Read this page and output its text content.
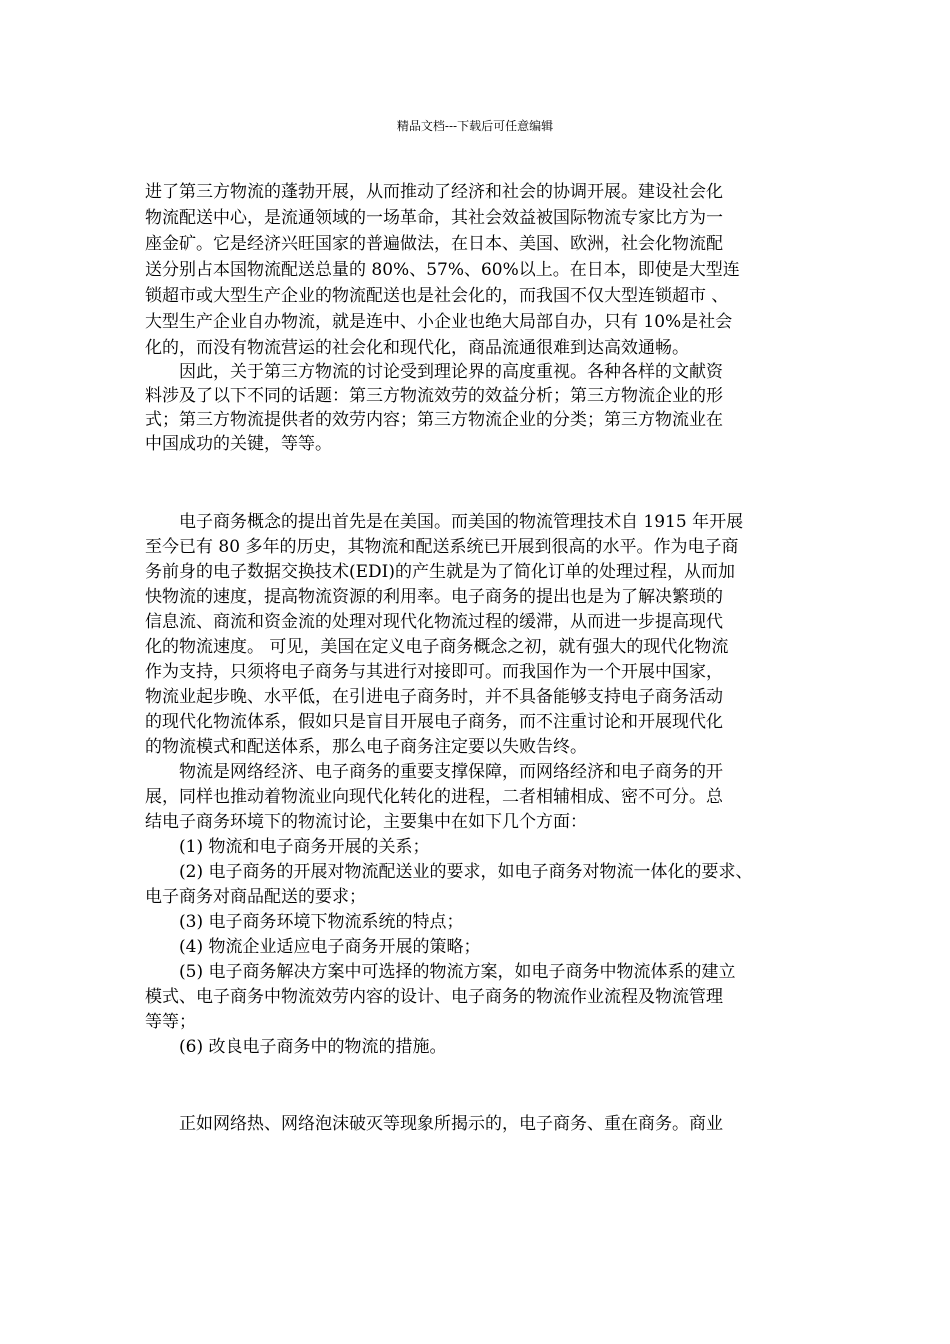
精品文档---下载后可任意编辑
进了第三方物流的蓬勃开展，从而推动了经济和社会的协调开展。建设社会化
物流配送中心，是流通领域的一场革命，其社会效益被国际物流专家比方为一
座金矿。它是经济兴旺国家的普遍做法，在日本、美国、欧洲，社会化物流配
送分别占本国物流配送总量的 80%、57%、60%以上。在日本，即使是大型连
锁超市或大型生产企业的物流配送也是社会化的，而我国不仅大型连锁超市 、
大型生产企业自办物流，就是连中、小企业也绝大局部自办，只有 10%是社会
化的，而没有物流营运的社会化和现代化，商品流通很难到达高效通畅。
因此，关于第三方物流的讨论受到理论界的高度重视。各种各样的文献资
料涉及了以下不同的话题：第三方物流效劳的效益分析；第三方物流企业的形
式；第三方物流提供者的效劳内容；第三方物流企业的分类；第三方物流业在
中国成功的关键，等等。
电子商务概念的提出首先是在美国。而美国的物流管理技术自 1915 年开展
至今已有 80 多年的历史，其物流和配送系统已开展到很高的水平。作为电子商
务前身的电子数据交换技术(EDI)的产生就是为了简化订单的处理过程，从而加
快物流的速度，提高物流资源的利用率。电子商务的提出也是为了解决繁琐的
信息流、商流和资金流的处理对现代化物流过程的缓滞，从而进一步提高现代
化的物流速度。 可见，美国在定义电子商务概念之初，就有强大的现代化物流
作为支持，只须将电子商务与其进行对接即可。而我国作为一个开展中国家，
物流业起步晚、水平低，在引进电子商务时，并不具备能够支持电子商务活动
的现代化物流体系，假如只是盲目开展电子商务，而不注重讨论和开展现代化
的物流模式和配送体系，那么电子商务注定要以失败告终。
物流是网络经济、电子商务的重要支撑保障，而网络经济和电子商务的开
展，同样也推动着物流业向现代化转化的进程，二者相辅相成、密不可分。总
结电子商务环境下的物流讨论，主要集中在如下几个方面：
(1) 物流和电子商务开展的关系；
(2) 电子商务的开展对物流配送业的要求，如电子商务对物流一体化的要求、
电子商务对商品配送的要求；
(3) 电子商务环境下物流系统的特点；
(4) 物流企业适应电子商务开展的策略；
(5) 电子商务解决方案中可选择的物流方案，如电子商务中物流体系的建立
模式、电子商务中物流效劳内容的设计、电子商务的物流作业流程及物流管理
等等；
(6) 改良电子商务中的物流的措施。
正如网络热、网络泡沫破灭等现象所揭示的，电子商务、重在商务。商业
